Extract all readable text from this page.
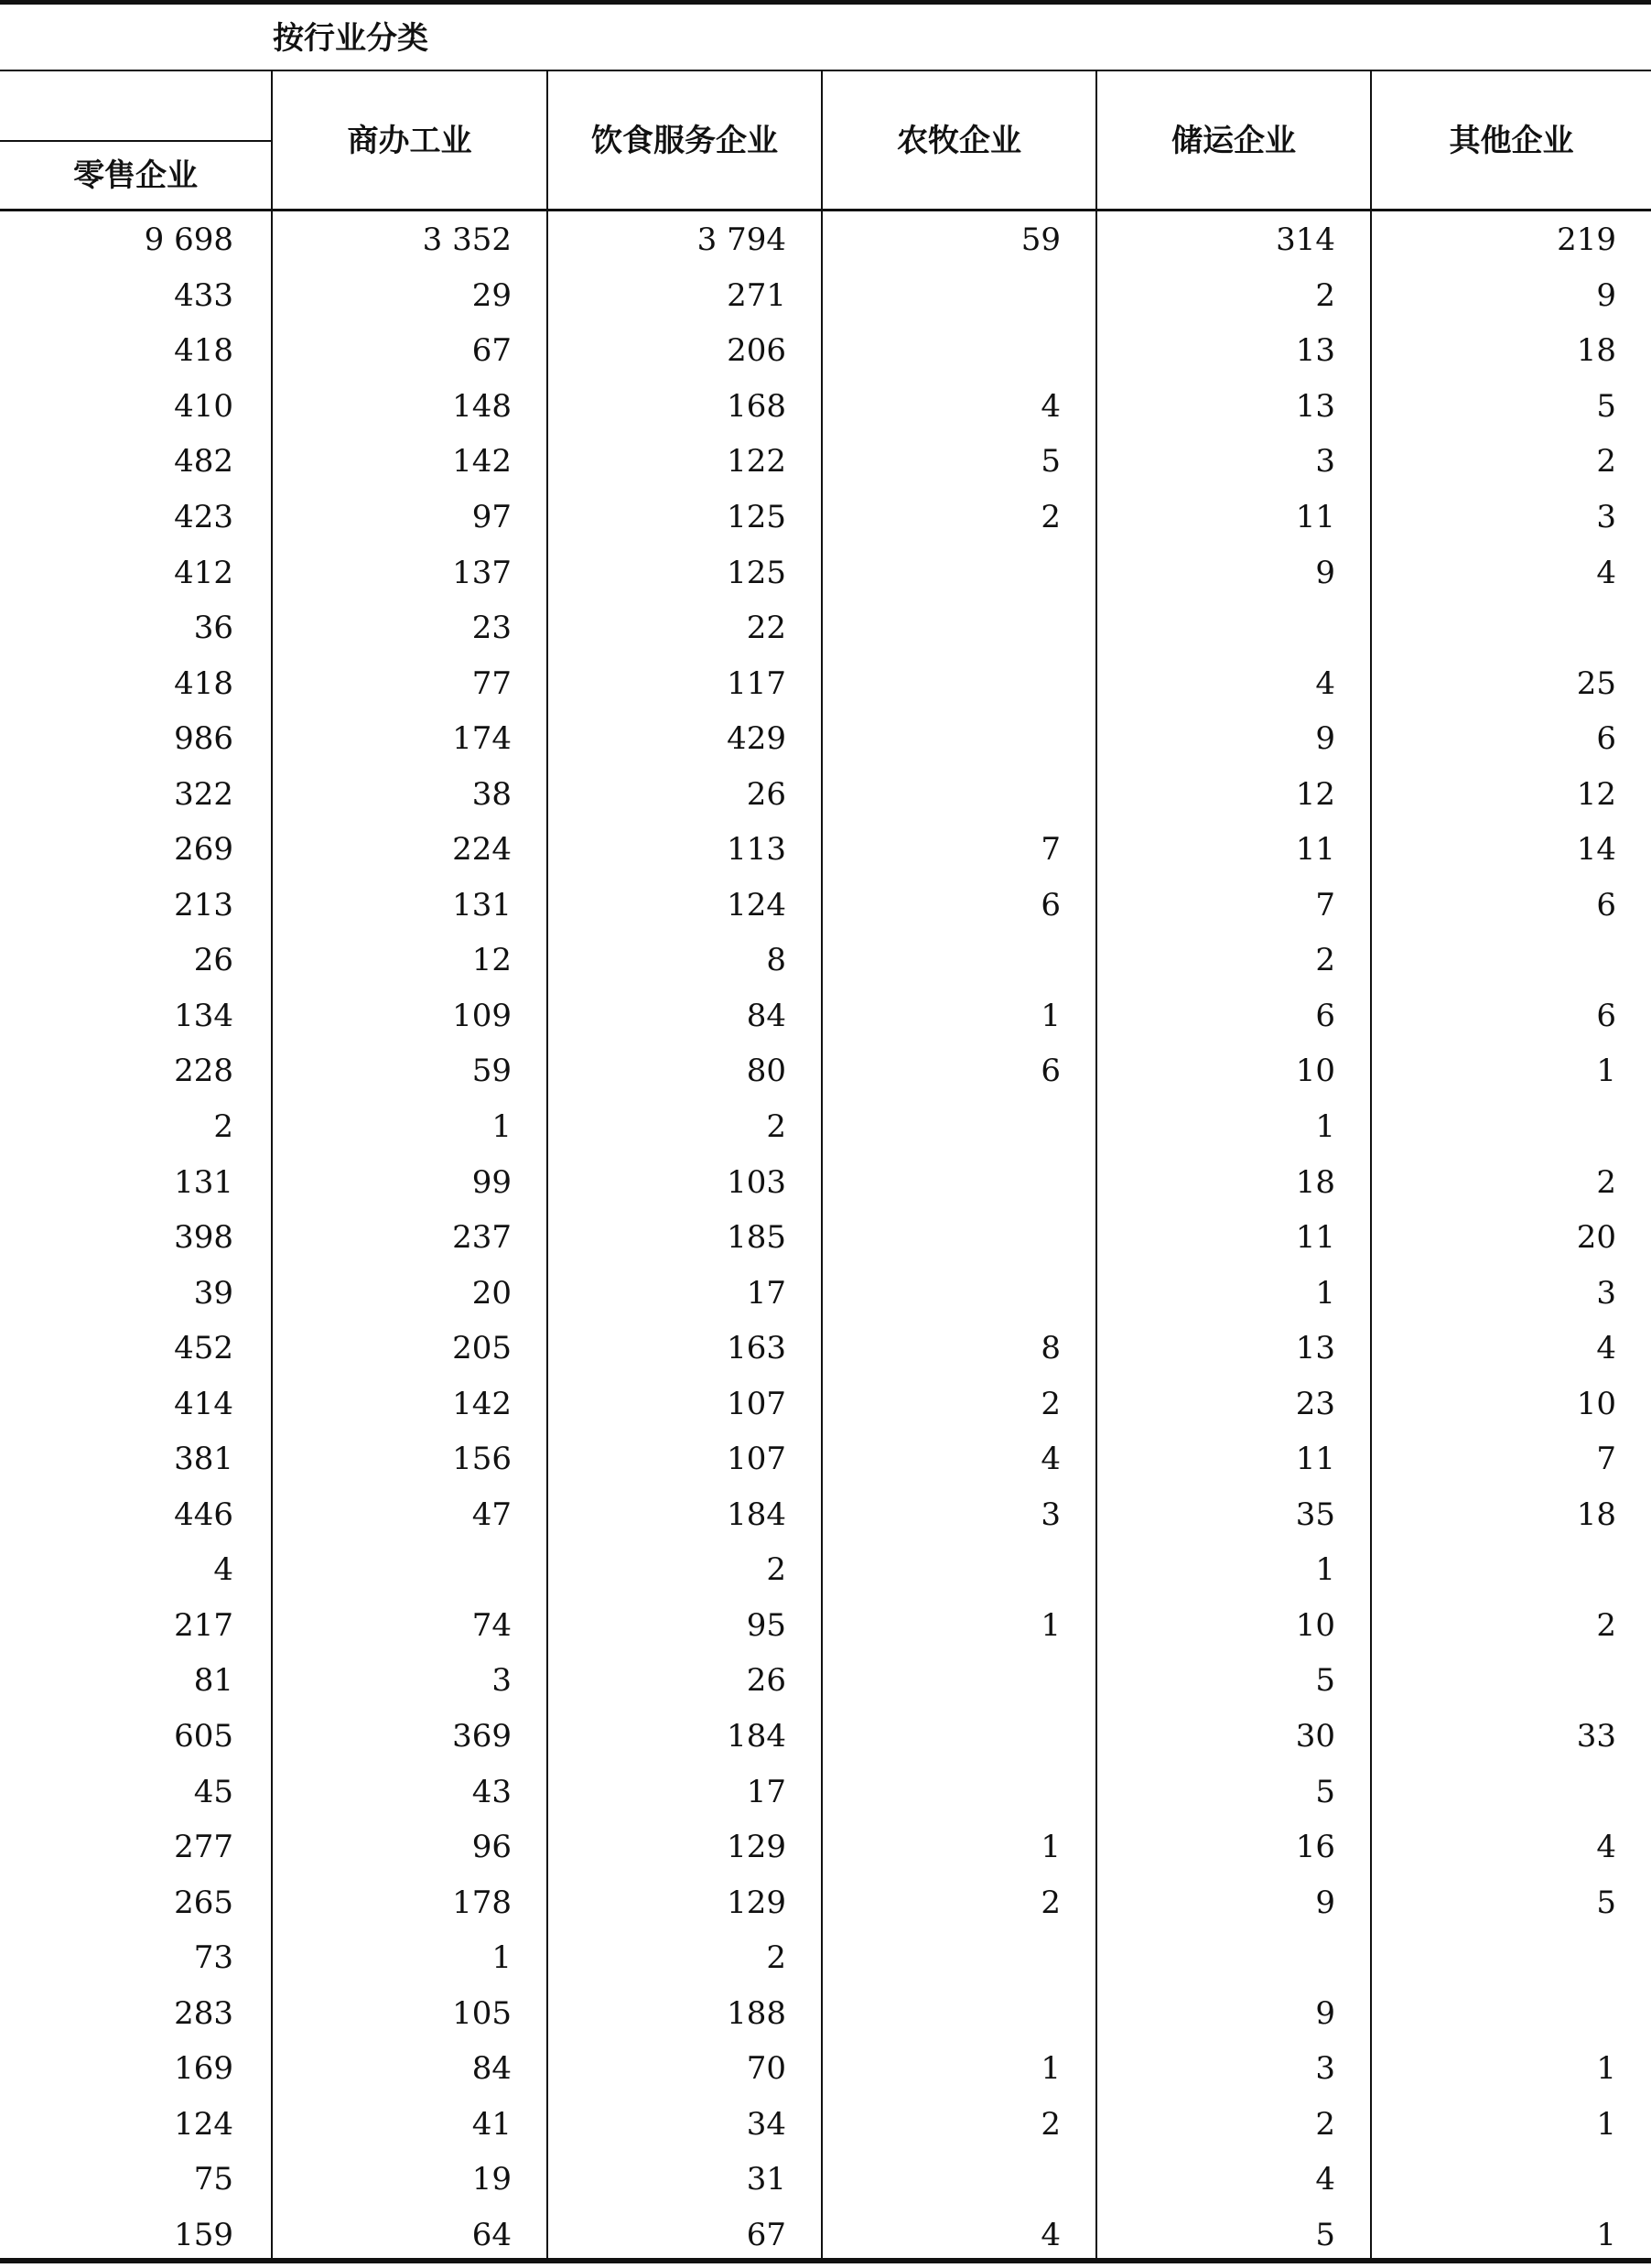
按行业分类
零售企业
商办工业	饮食服务企业	农牧企业	储运企业	其他企业
9 698	3 352	3 794	59	314	219
433	29	271		2	9
418	67	206		13	18
410	148	168	4	13	5
482	142	122	5	3	2
423	97	125	2	11	3
412	137	125		9	4
36	23	22			
418	77	117		4	25
986	174	429		9	6
322	38	26		12	12
269	224	113	7	11	14
213	131	124	6	7	6
26	12	8		2	
134	109	84	1	6	6
228	59	80	6	10	1
2	1	2		1	
131	99	103		18	2
398	237	185		11	20
39	20	17		1	3
452	205	163	8	13	4
414	142	107	2	23	10
381	156	107	4	11	7
446	47	184	3	35	18
4		2		1	
217	74	95	1	10	2
81	3	26		5	
605	369	184		30	33
45	43	17		5	
277	96	129	1	16	4
265	178	129	2	9	5
73	1	2			
283	105	188		9	
169	84	70	1	3	1
124	41	34	2	2	1
75	19	31		4	
159	64	67	4	5	1
